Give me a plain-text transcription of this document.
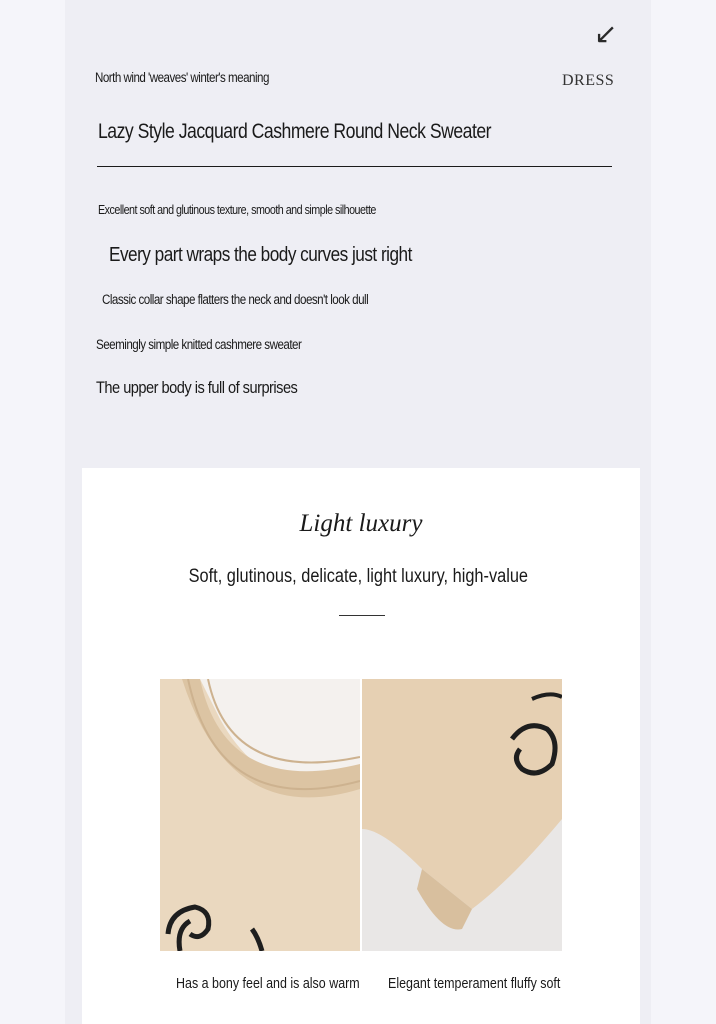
↙
North wind 'weaves' winter's meaning	DRESS
Lazy Style Jacquard Cashmere Round Neck Sweater
Excellent soft and glutinous texture, smooth and simple silhouette
Every part wraps the body curves just right
Classic collar shape flatters the neck and doesn't look dull
Seemingly simple knitted cashmere sweater
The upper body is full of surprises
Light luxury
Soft, glutinous, delicate, light luxury, high-value
Has a bony feel and is also warm Elegant temperament fluffy soft
